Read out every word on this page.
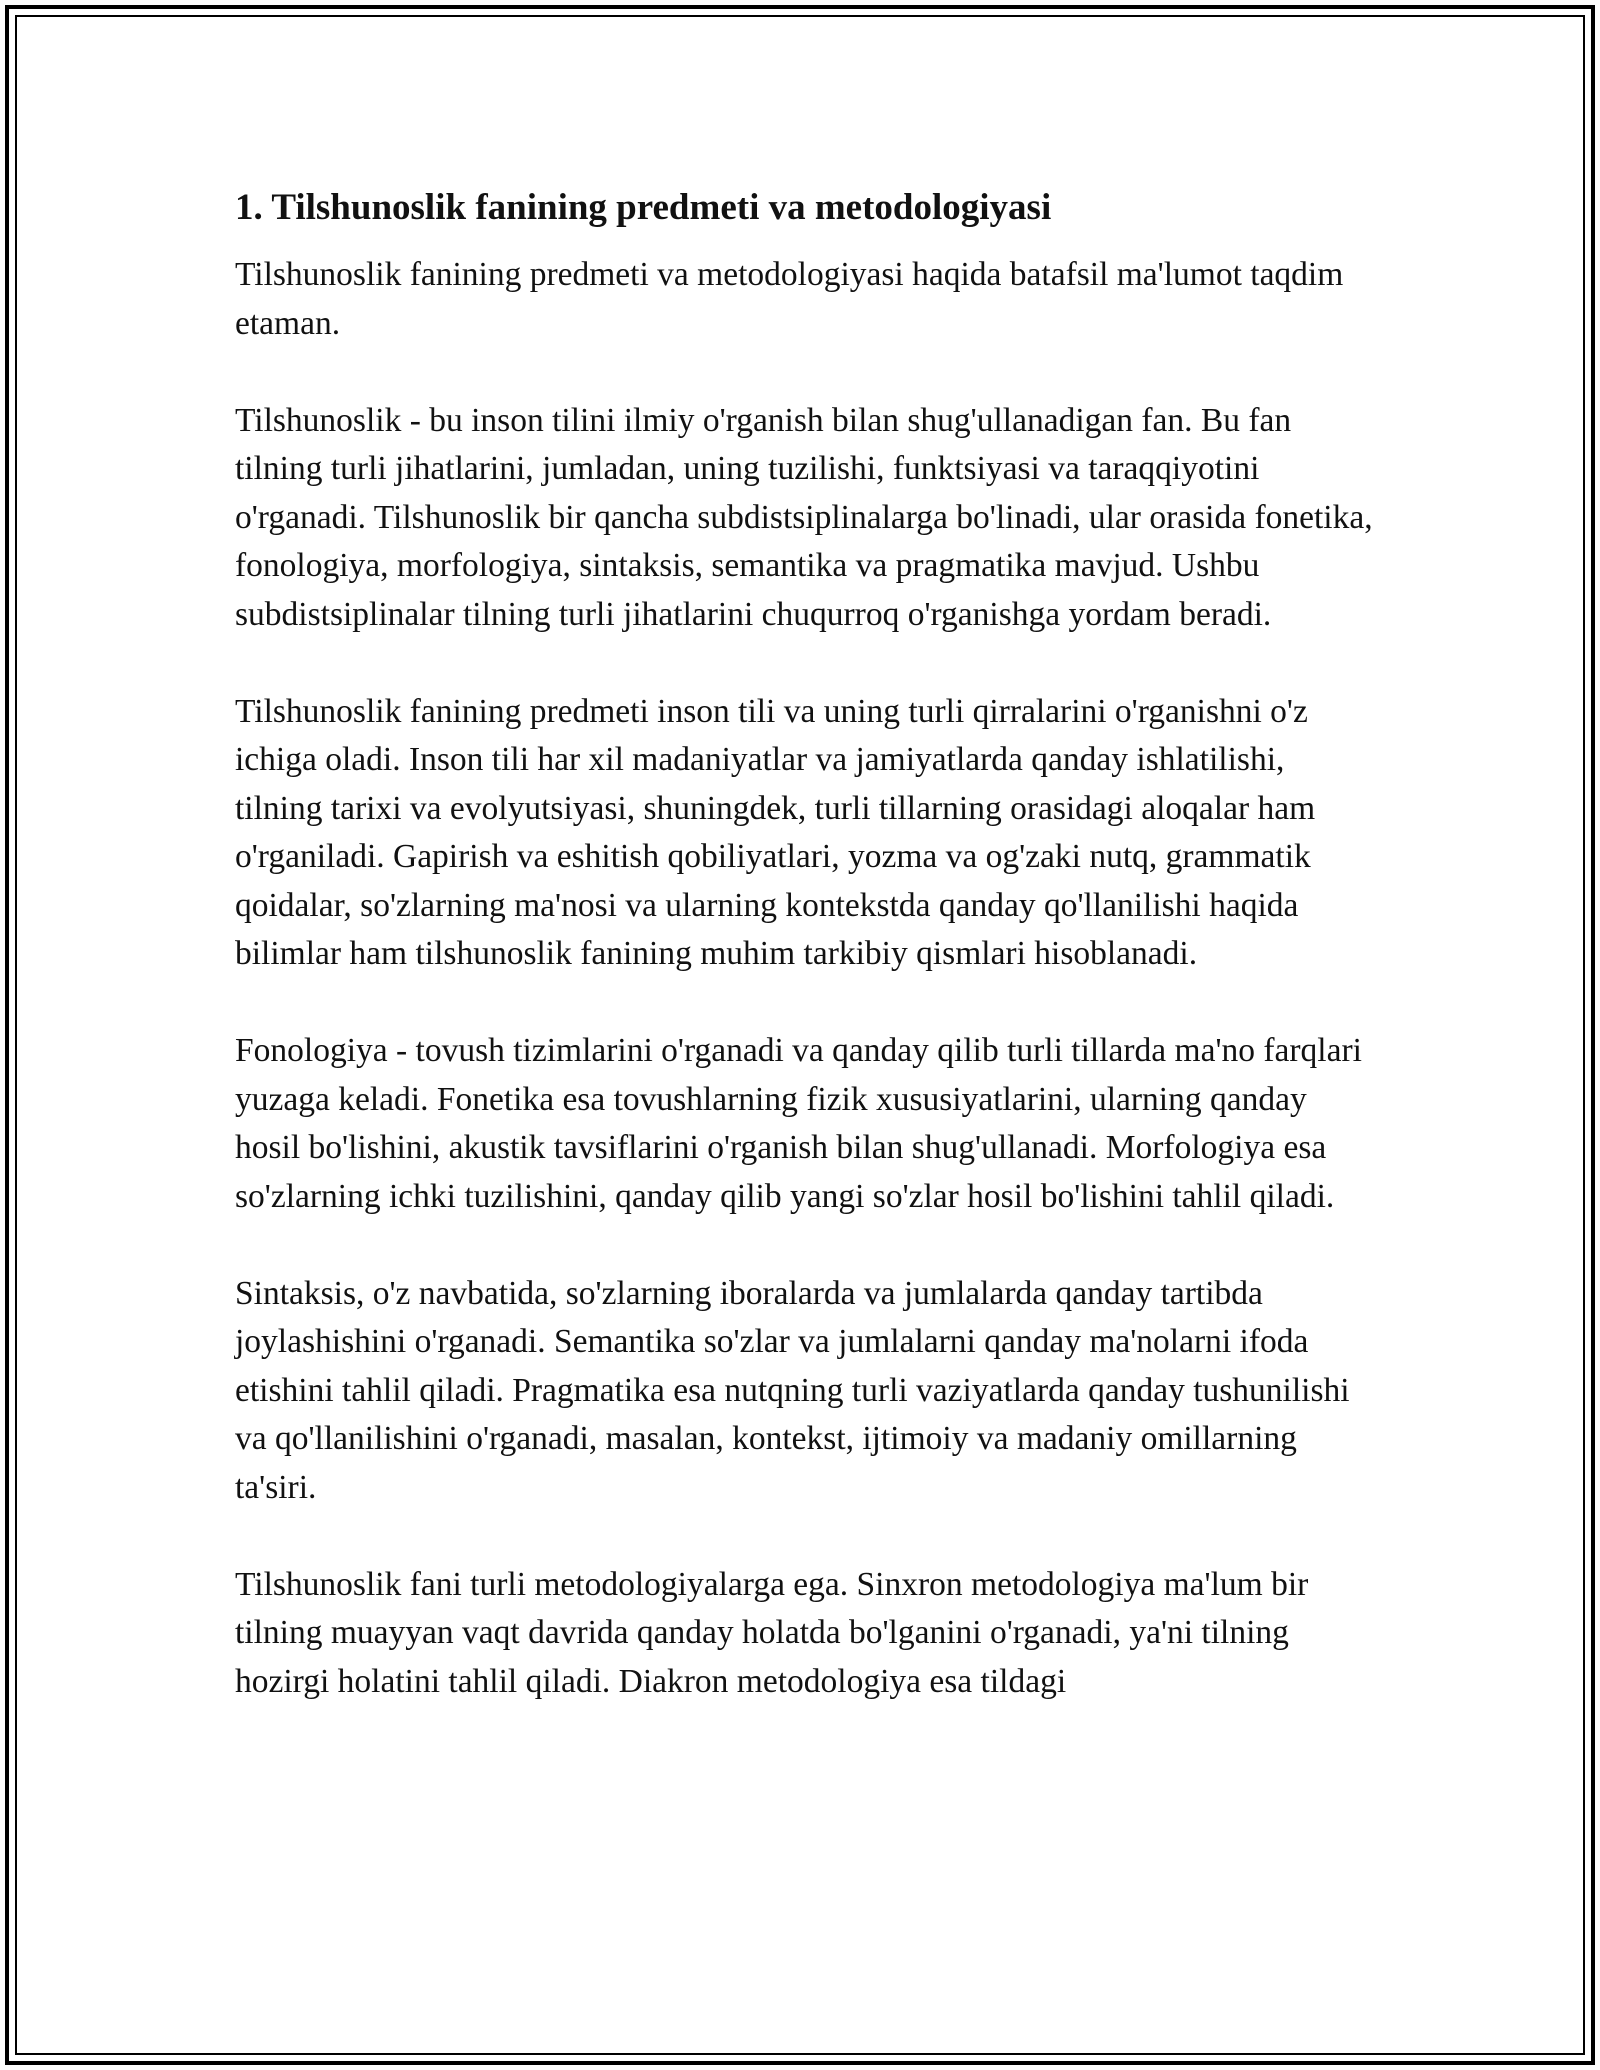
1. Tilshunoslik fanining predmeti va metodologiyasi

Tilshunoslik fanining predmeti va metodologiyasi haqida batafsil ma'lumot taqdim etaman.

Tilshunoslik - bu inson tilini ilmiy o'rganish bilan shug'ullanadigan fan. Bu fan tilning turli jihatlarini, jumladan, uning tuzilishi, funktsiyasi va taraqqiyotini o'rganadi. Tilshunoslik bir qancha subdistsiplinalarga bo'linadi, ular orasida fonetika, fonologiya, morfologiya, sintaksis, semantika va pragmatika mavjud. Ushbu subdistsiplinalar tilning turli jihatlarini chuqurroq o'rganishga yordam beradi.

Tilshunoslik fanining predmeti inson tili va uning turli qirralarini o'rganishni o'z ichiga oladi. Inson tili har xil madaniyatlar va jamiyatlarda qanday ishlatilishi, tilning tarixi va evolyutsiyasi, shuningdek, turli tillarning orasidagi aloqalar ham o'rganiladi. Gapirish va eshitish qobiliyatlari, yozma va og'zaki nutq, grammatik qoidalar, so'zlarning ma'nosi va ularning kontekstda qanday qo'llanilishi haqida bilimlar ham tilshunoslik fanining muhim tarkibiy qismlari hisoblanadi.

Fonologiya - tovush tizimlarini o'rganadi va qanday qilib turli tillarda ma'no farqlari yuzaga keladi. Fonetika esa tovushlarning fizik xususiyatlarini, ularning qanday hosil bo'lishini, akustik tavsiflarini o'rganish bilan shug'ullanadi. Morfologiya esa so'zlarning ichki tuzilishini, qanday qilib yangi so'zlar hosil bo'lishini tahlil qiladi.

Sintaksis, o'z navbatida, so'zlarning iboralarda va jumlalarda qanday tartibda joylashishini o'rganadi. Semantika so'zlar va jumlalarni qanday ma'nolarni ifoda etishini tahlil qiladi. Pragmatika esa nutqning turli vaziyatlarda qanday tushunilishi va qo'llanilishini o'rganadi, masalan, kontekst, ijtimoiy va madaniy omillarning ta'siri.

Tilshunoslik fani turli metodologiyalarga ega. Sinxron metodologiya ma'lum bir tilning muayyan vaqt davrida qanday holatda bo'lganini o'rganadi, ya'ni tilning hozirgi holatini tahlil qiladi. Diakron metodologiya esa tildagi
